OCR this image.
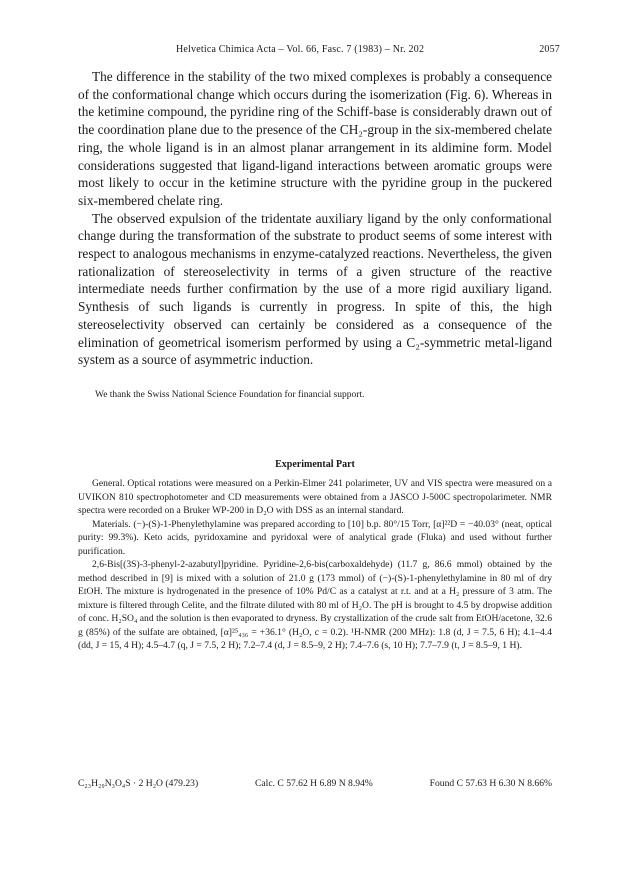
Helvetica Chimica Acta – Vol. 66, Fasc. 7 (1983) – Nr. 202	2057

The difference in the stability of the two mixed complexes is probably a consequence of the conformational change which occurs during the isomerization (Fig. 6). Whereas in the ketimine compound, the pyridine ring of the Schiff-base is considerably drawn out of the coordination plane due to the presence of the CH₂-group in the six-membered chelate ring, the whole ligand is in an almost planar arrangement in its aldimine form. Model considerations suggested that ligand-ligand interactions between aromatic groups were most likely to occur in the ketimine structure with the pyridine group in the puckered six-membered chelate ring.

The observed expulsion of the tridentate auxiliary ligand by the only conformational change during the transformation of the substrate to product seems of some interest with respect to analogous mechanisms in enzyme-catalyzed reactions. Nevertheless, the given rationalization of stereoselectivity in terms of a given structure of the reactive intermediate needs further confirmation by the use of a more rigid auxiliary ligand. Synthesis of such ligands is currently in progress. In spite of this, the high stereoselectivity observed can certainly be considered as a consequence of the elimination of geometrical isomerism performed by using a C₂-symmetric metal-ligand system as a source of asymmetric induction.

We thank the Swiss National Science Foundation for financial support.
Experimental Part

General. Optical rotations were measured on a Perkin-Elmer 241 polarimeter, UV and VIS spectra were measured on a UVIKON 810 spectrophotometer and CD measurements were obtained from a JASCO J-500C spectropolarimeter. NMR spectra were recorded on a Bruker WP-200 in D₂O with DSS as an internal standard.

Materials. (−)-(S)-1-Phenylethylamine was prepared according to [10] b.p. 80°/15 Torr, [α]²²D = −40.03° (neat, optical purity: 99.3%). Keto acids, pyridoxamine and pyridoxal were of analytical grade (Fluka) and used without further purification.

2,6-Bis[(3S)-3-phenyl-2-azabutyl]pyridine. Pyridine-2,6-bis(carboxaldehyde) (11.7 g, 86.6 mmol) obtained by the method described in [9] is mixed with a solution of 21.0 g (173 mmol) of (−)-(S)-1-phenylethylamine in 80 ml of dry EtOH. The mixture is hydrogenated in the presence of 10% Pd/C as a catalyst at r.t. and at a H₂ pressure of 3 atm. The mixture is filtered through Celite, and the filtrate diluted with 80 ml of H₂O. The pH is brought to 4.5 by dropwise addition of conc. H₂SO₄ and the solution is then evaporated to dryness. By crystallization of the crude salt from EtOH/acetone, 32.6 g (85%) of the sulfate are obtained, [α]²⁵₄₃₆ = +36.1° (H₂O, c = 0.2). ¹H-NMR (200 MHz): 1.8 (d, J = 7.5, 6 H); 4.1–4.4 (dd, J = 15, 4 H); 4.5–4.7 (q, J = 7.5, 2 H); 7.2–7.4 (d, J = 8.5–9, 2 H); 7.4–7.6 (s, 10 H); 7.7–7.9 (t, J = 8.5–9, 1 H).

C₂₃H₂₉N₃O₄S · 2 H₂O (479.23)	Calc. C 57.62 H 6.89 N 8.94%	Found C 57.63 H 6.30 N 8.66%
